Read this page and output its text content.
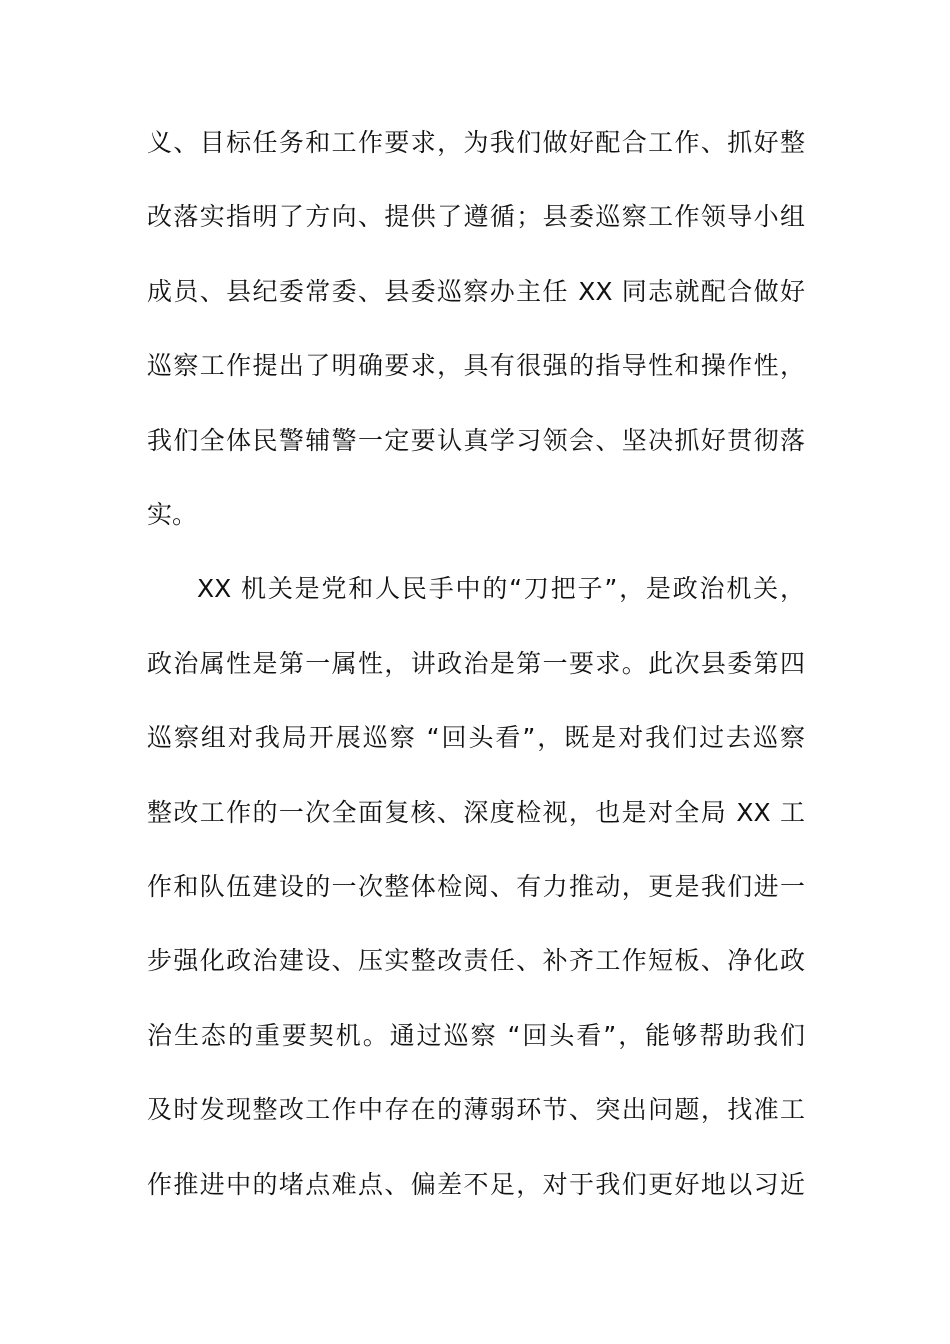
义、目标任务和工作要求，为我们做好配合工作、抓好整
改落实指明了方向、提供了遵循；县委巡察工作领导小组
成员、县纪委常委、县委巡察办主任 XX 同志就配合做好
巡察工作提出了明确要求，具有很强的指导性和操作性，
我们全体民警辅警一定要认真学习领会、坚决抓好贯彻落
实。
XX 机关是党和人民手中的“刀把子”，是政治机关，
政治属性是第一属性，讲政治是第一要求。此次县委第四
巡察组对我局开展巡察 “回头看”，既是对我们过去巡察
整改工作的一次全面复核、深度检视，也是对全局 XX 工
作和队伍建设的一次整体检阅、有力推动，更是我们进一
步强化政治建设、压实整改责任、补齐工作短板、净化政
治生态的重要契机。通过巡察 “回头看”，能够帮助我们
及时发现整改工作中存在的薄弱环节、突出问题，找准工
作推进中的堵点难点、偏差不足，对于我们更好地以习近
